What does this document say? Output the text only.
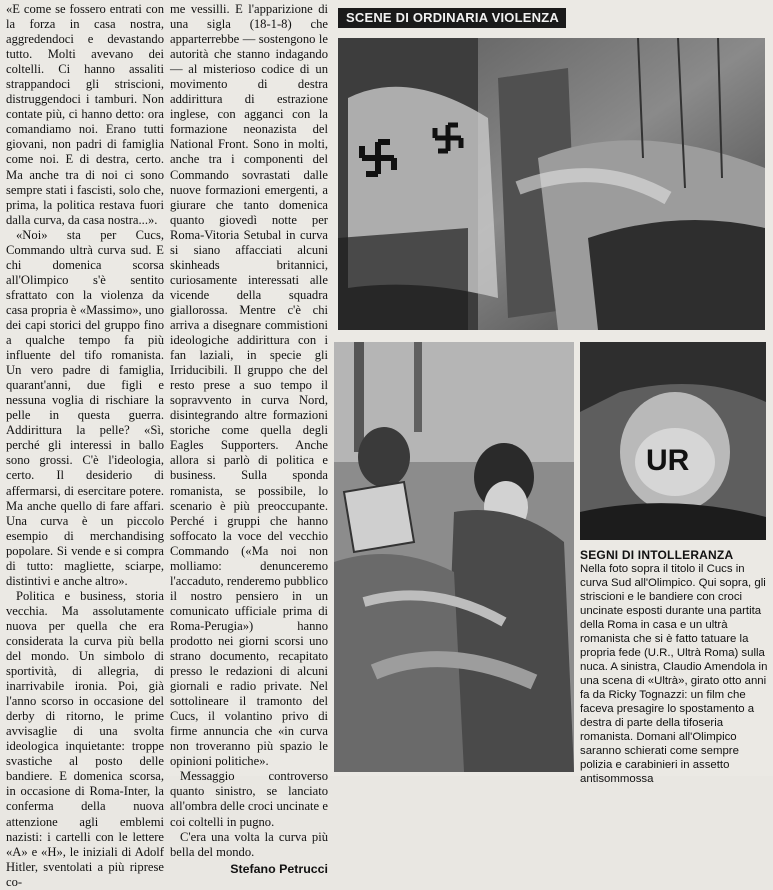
«E come se fossero entrati con la forza in casa nostra, aggredendoci e devastando tutto. Molti avevano dei coltelli. Ci hanno assaliti strappandoci gli striscioni, distruggendoci i tamburi. Non contate più, ci hanno detto: ora comandiamo noi. Erano tutti giovani, non padri di famiglia come noi. E di destra, certo. Ma anche tra di noi ci sono sempre stati i fascisti, solo che, prima, la politica restava fuori dalla curva, da casa nostra...».

«Noi» sta per Cucs, Commando ultrà curva sud. E chi domenica scorsa all'Olimpico s'è sentito sfrattato con la violenza da casa propria è «Massimo», uno dei capi storici del gruppo fino a qualche tempo fa più influente del tifo romanista. Un vero padre di famiglia, quarant'anni, due figli e nessuna voglia di rischiare la pelle in questa guerra. Addirittura la pelle? «Sì, perché gli interessi in ballo sono grossi. C'è l'ideologia, certo. Il desiderio di affermarsi, di esercitare potere. Ma anche quello di fare affari. Una curva è un piccolo esempio di merchandising popolare. Si vende e si compra di tutto: magliette, sciarpe, distintivi e anche altro».

Politica e business, storia vecchia. Ma assolutamente nuova per quella che era considerata la curva più bella del mondo. Un simbolo di sportività, di allegria, di inarrivabile ironia. Poi, già l'anno scorso in occasione del derby di ritorno, le prime avvisaglie di una svolta ideologica inquietante: troppe svastiche al posto delle bandiere. E domenica scorsa, in occasione di Roma-Inter, la conferma della nuova attenzione agli emblemi nazisti: i cartelli con le lettere «A» e «H», le iniziali di Adolf Hitler, sventolati a più riprese co-

me vessilli. E l'apparizione di una sigla (18-1-8) che apparterrebbe — sostengono le autorità che stanno indagando — al misterioso codice di un movimento di destra addirittura di estrazione inglese, con agganci con la formazione neonazista del National Front. Sono in molti, anche tra i componenti del Commando sovrastati dalle nuove formazioni emergenti, a giurare che tanto domenica quanto giovedì notte per Roma-Vitoria Setubal in curva si siano affacciati alcuni skinheads britannici, curiosamente interessati alle vicende della squadra giallorossa. Mentre c'è chi arriva a disegnare commistioni ideologiche addirittura con i fan laziali, in specie gli Irriducibili. Il gruppo che del resto prese a suo tempo il sopravvento in curva Nord, disintegrando altre formazioni storiche come quella degli Eagles Supporters. Anche allora si parlò di politica e business. Sulla sponda romanista, se possibile, lo scenario è più preoccupante. Perché i gruppi che hanno soffocato la voce del vecchio Commando («Ma noi non molliamo: denunceremo l'accaduto, renderemo pubblico il nostro pensiero in un comunicato ufficiale prima di Roma-Perugia») hanno prodotto nei giorni scorsi uno strano documento, recapitato presso le redazioni di alcuni giornali e radio private. Nel sottolineare il tramonto del Cucs, il volantino privo di firme annuncia che «in curva non troveranno più spazio le opinioni politiche».

Messaggio controverso quanto sinistro, se lanciato all'ombra delle croci uncinate e coi coltelli in pugno.

C'era una volta la curva più bella del mondo.

Stefano Petrucci
SCENE DI ORDINARIA VIOLENZA
UR
SEGNI DI INTOLLERANZA
Nella foto sopra il titolo il Cucs in curva Sud all'Olimpico. Qui sopra, gli striscioni e le bandiere con croci uncinate esposti durante una partita della Roma in casa e un ultrà romanista che si è fatto tatuare la propria fede (U.R., Ultrà Roma) sulla nuca. A sinistra, Claudio Amendola in una scena di «Ultrà», girato otto anni fa da Ricky Tognazzi: un film che faceva presagire lo spostamento a destra di parte della tifoseria romanista. Domani all'Olimpico saranno schierati come sempre polizia e carabinieri in assetto antisommossa
